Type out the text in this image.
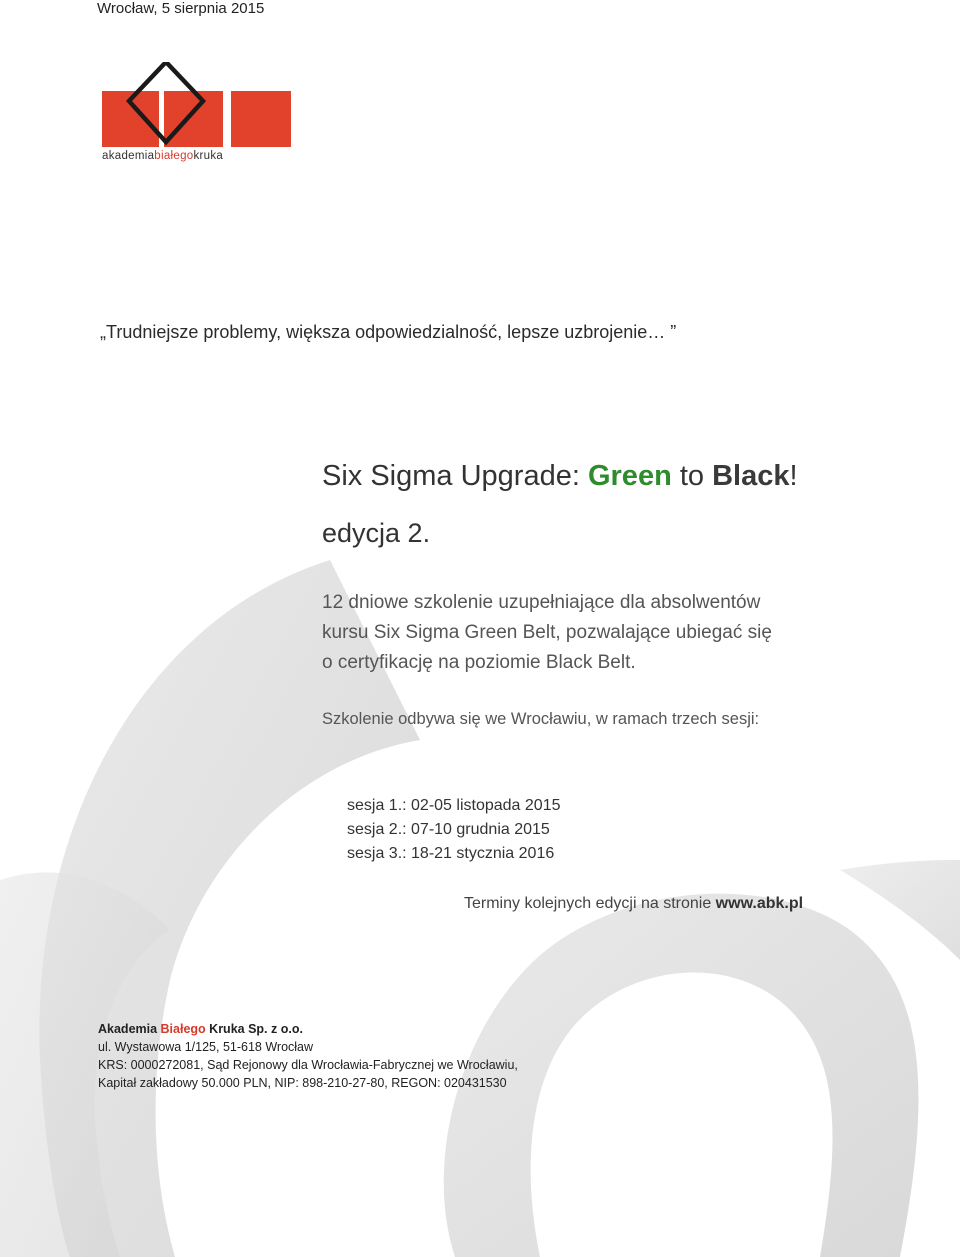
Wrocław, 5 sierpnia 2015
akademiabiałegokruka
„Trudniejsze problemy, większa odpowiedzialność, lepsze uzbrojenie… ”
Six Sigma Upgrade: Green to Black!
edycja 2.
12 dniowe szkolenie uzupełniające dla absolwentów
kursu Six Sigma Green Belt, pozwalające ubiegać się
o certyfikację na poziomie Black Belt.
Szkolenie odbywa się we Wrocławiu, w ramach trzech sesji:
sesja 1.: 02-05 listopada 2015
sesja 2.: 07-10 grudnia 2015
sesja 3.: 18-21 stycznia 2016
Terminy kolejnych edycji na stronie www.abk.pl
Akademia Białego Kruka Sp. z o.o.
ul. Wystawowa 1/125, 51-618 Wrocław
KRS: 0000272081, Sąd Rejonowy dla Wrocławia-Fabrycznej we Wrocławiu,
Kapitał zakładowy 50.000 PLN, NIP: 898-210-27-80, REGON: 020431530
